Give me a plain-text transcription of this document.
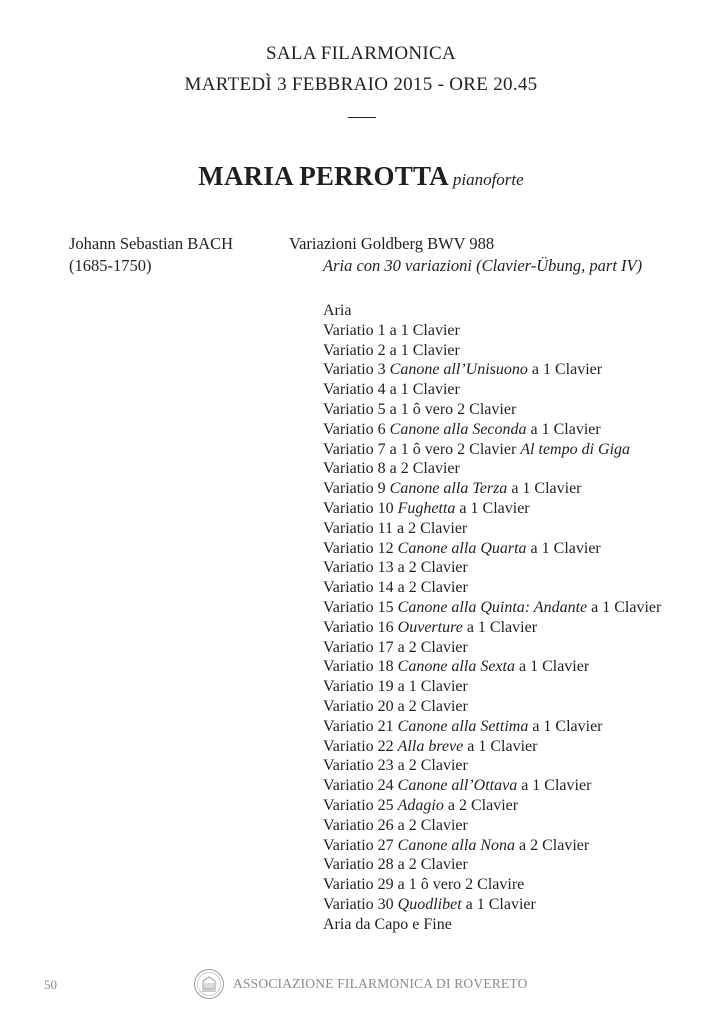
SALA FILARMONICA
MARTEDÌ 3 FEBBRAIO 2015 - ORE 20.45
MARIA PERROTTA pianoforte
Johann Sebastian BACH
(1685-1750)
Variazioni Goldberg BWV 988
Aria con 30 variazioni (Clavier-Übung, part IV)
Aria
Variatio 1 a 1 Clavier
Variatio 2 a 1 Clavier
Variatio 3 Canone all’Unisuono a 1 Clavier
Variatio 4 a 1 Clavier
Variatio 5 a 1 ô vero 2 Clavier
Variatio 6 Canone alla Seconda a 1 Clavier
Variatio 7 a 1 ô vero 2 Clavier Al tempo di Giga
Variatio 8 a 2 Clavier
Variatio 9 Canone alla Terza a 1 Clavier
Variatio 10 Fughetta a 1 Clavier
Variatio 11 a 2 Clavier
Variatio 12 Canone alla Quarta a 1 Clavier
Variatio 13 a 2 Clavier
Variatio 14 a 2 Clavier
Variatio 15 Canone alla Quinta: Andante a 1 Clavier
Variatio 16 Ouverture a 1 Clavier
Variatio 17 a 2 Clavier
Variatio 18 Canone alla Sexta a 1 Clavier
Variatio 19 a 1 Clavier
Variatio 20 a 2 Clavier
Variatio 21 Canone alla Settima a 1 Clavier
Variatio 22 Alla breve a 1 Clavier
Variatio 23 a 2 Clavier
Variatio 24 Canone all’Ottava a 1 Clavier
Variatio 25 Adagio a 2 Clavier
Variatio 26 a 2 Clavier
Variatio 27 Canone alla Nona a 2 Clavier
Variatio 28 a 2 Clavier
Variatio 29 a 1 ô vero 2 Clavire
Variatio 30 Quodlibet a 1 Clavier
Aria da Capo e Fine
50	ASSOCIAZIONE FILARMONICA DI ROVERETO
